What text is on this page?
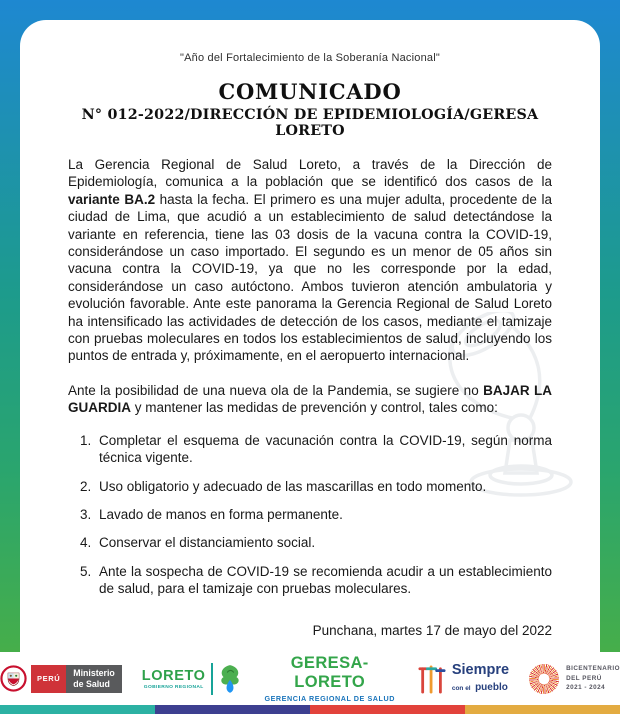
"Año del Fortalecimiento de la Soberanía Nacional"
COMUNICADO
N° 012-2022/DIRECCIÓN DE EPIDEMIOLOGÍA/GERESA LORETO

La Gerencia Regional de Salud Loreto, a través de la Dirección de Epidemiología, comunica a la población que se identificó dos casos de la variante BA.2 hasta la fecha. El primero es una mujer adulta, procedente de la ciudad de Lima, que acudió a un establecimiento de salud detectándose la variante en referencia, tiene las 03 dosis de la vacuna contra la COVID-19, considerándose un caso importado. El segundo es un menor de 05 años sin vacuna contra la COVID-19, ya que no les corresponde por la edad, considerándose un caso autóctono. Ambos tuvieron atención ambulatoria y evolución favorable. Ante este panorama la Gerencia Regional de Salud Loreto ha intensificado las actividades de detección de los casos, mediante el tamizaje con pruebas moleculares en todos los establecimientos de salud, incluyendo los puntos de entrada y, próximamente, en el aeropuerto internacional.

Ante la posibilidad de una nueva ola de la Pandemia, se sugiere no BAJAR LA GUARDIA y mantener las medidas de prevención y control, tales como:

1. Completar el esquema de vacunación contra la COVID-19, según norma técnica vigente.
2. Uso obligatorio y adecuado de las mascarillas en todo momento.
3. Lavado de manos en forma permanente.
4. Conservar el distanciamiento social.
5. Ante la sospecha de COVID-19 se recomienda acudir a un establecimiento de salud, para el tamizaje con pruebas moleculares.
Punchana, martes 17 de mayo del 2022
PERÚ
Ministerio
de Salud	LORETO
GOBIERNO REGIONAL
GERESA-LORETO
GERENCIA REGIONAL DE SALUD
Siempre
con el pueblo
BICENTENARIO
DEL PERÚ
2021 - 2024
